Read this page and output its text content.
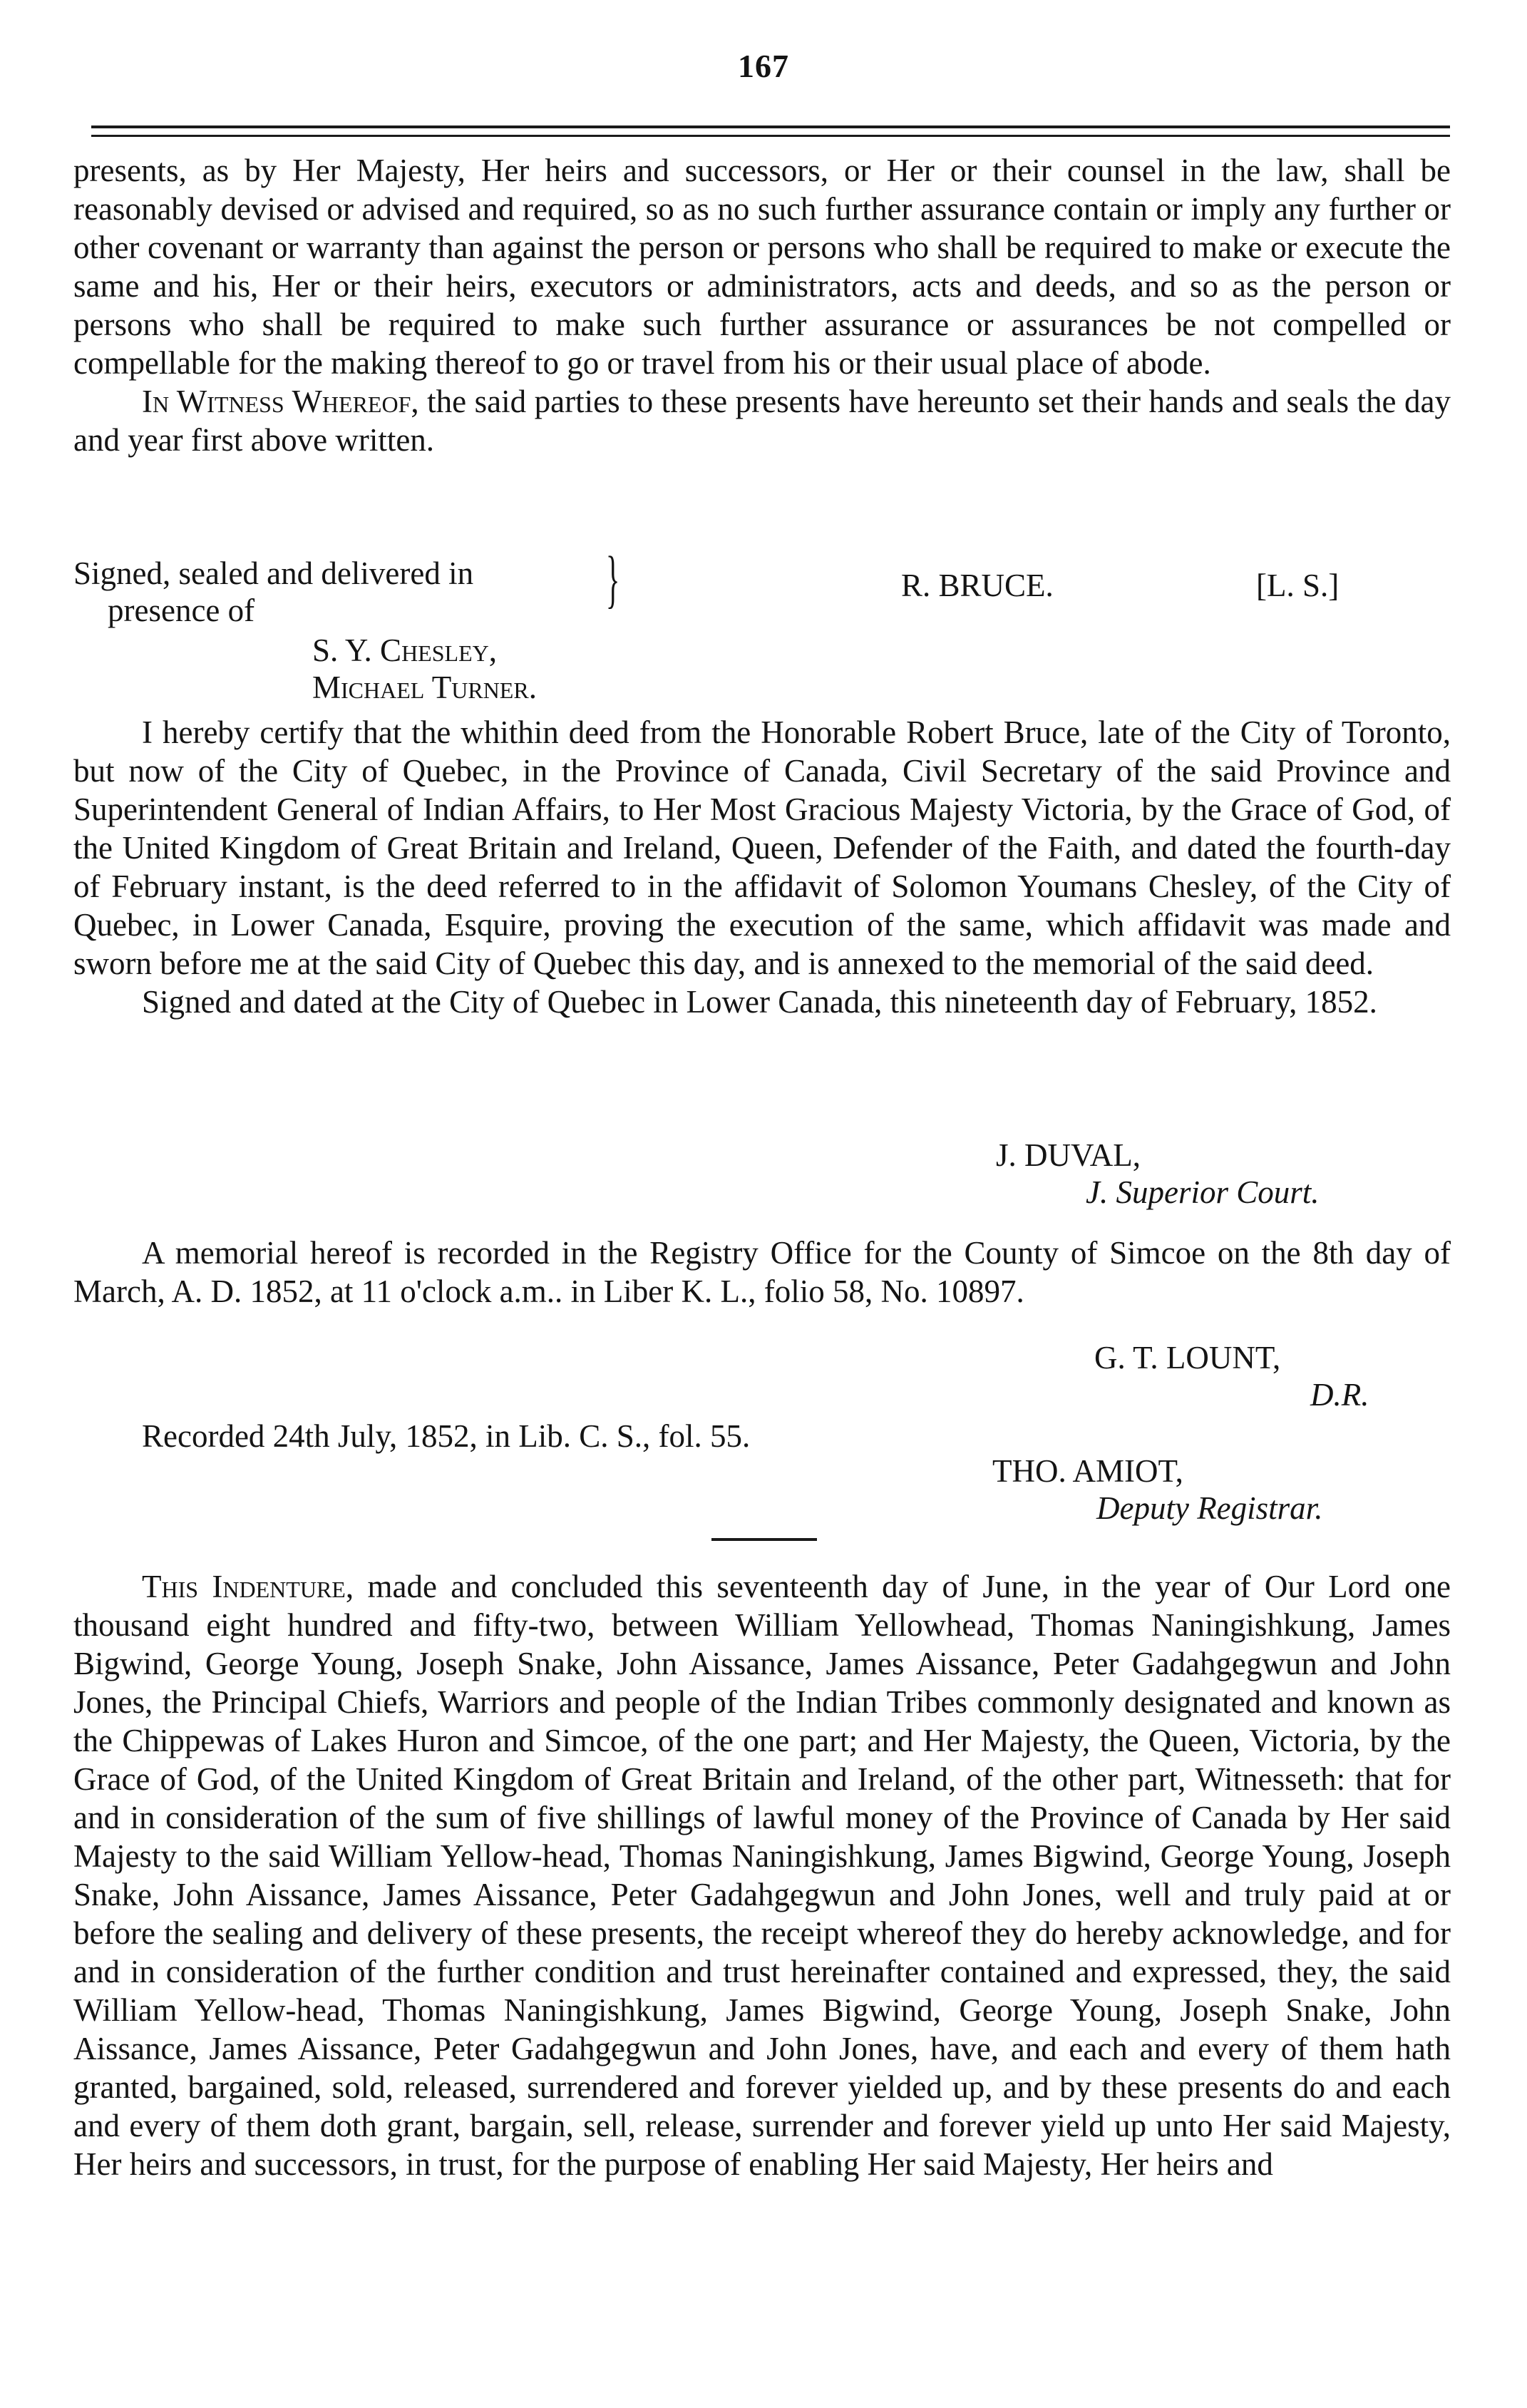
167

presents, as by Her Majesty, Her heirs and successors, or Her or their counsel in the law, shall be reasonably devised or advised and required, so as no such further assurance contain or imply any further or other covenant or warranty than against the person or persons who shall be required to make or execute the same and his, Her or their heirs, executors or administrators, acts and deeds, and so as the person or persons who shall be required to make such further assurance or assurances be not compelled or compellable for the making thereof to go or travel from his or their usual place of abode.

In Witness Whereof, the said parties to these presents have hereunto set their hands and seals the day and year first above written.

Signed, sealed and delivered in
presence of	}	R. BRUCE.	[L. S.]
S. Y. Chesley,
Michael Turner.

I hereby certify that the whithin deed from the Honorable Robert Bruce, late of the City of Toronto, but now of the City of Quebec, in the Province of Canada, Civil Secretary of the said Province and Superintendent General of Indian Affairs, to Her Most Gracious Majesty Victoria, by the Grace of God, of the United Kingdom of Great Britain and Ireland, Queen, Defender of the Faith, and dated the fourth-day of February instant, is the deed referred to in the affidavit of Solomon Youmans Chesley, of the City of Quebec, in Lower Canada, Esquire, proving the execution of the same, which affidavit was made and sworn before me at the said City of Quebec this day, and is annexed to the memorial of the said deed.

Signed and dated at the City of Quebec in Lower Canada, this nineteenth day of February, 1852.

J. DUVAL,
J. Superior Court.

A memorial hereof is recorded in the Registry Office for the County of Simcoe on the 8th day of March, A. D. 1852, at 11 o'clock a.m.. in Liber K. L., folio 58, No. 10897.

G. T. LOUNT,
D.R.
Recorded 24th July, 1852, in Lib. C. S., fol. 55.
THO. AMIOT,
Deputy Registrar.

This Indenture, made and concluded this seventeenth day of June, in the year of Our Lord one thousand eight hundred and fifty-two, between William Yellowhead, Thomas Naningishkung, James Bigwind, George Young, Joseph Snake, John Aissance, James Aissance, Peter Gadahgegwun and John Jones, the Principal Chiefs, Warriors and people of the Indian Tribes commonly designated and known as the Chippewas of Lakes Huron and Simcoe, of the one part; and Her Majesty, the Queen, Victoria, by the Grace of God, of the United Kingdom of Great Britain and Ireland, of the other part, Witnesseth: that for and in consideration of the sum of five shillings of lawful money of the Province of Canada by Her said Majesty to the said William Yellow-head, Thomas Naningishkung, James Bigwind, George Young, Joseph Snake, John Aissance, James Aissance, Peter Gadahgegwun and John Jones, well and truly paid at or before the sealing and delivery of these presents, the receipt whereof they do hereby acknowledge, and for and in consideration of the further condition and trust hereinafter contained and expressed, they, the said William Yellow-head, Thomas Naningishkung, James Bigwind, George Young, Joseph Snake, John Aissance, James Aissance, Peter Gadahgegwun and John Jones, have, and each and every of them hath granted, bargained, sold, released, surrendered and forever yielded up, and by these presents do and each and every of them doth grant, bargain, sell, release, surrender and forever yield up unto Her said Majesty, Her heirs and successors, in trust, for the purpose of enabling Her said Majesty, Her heirs and
